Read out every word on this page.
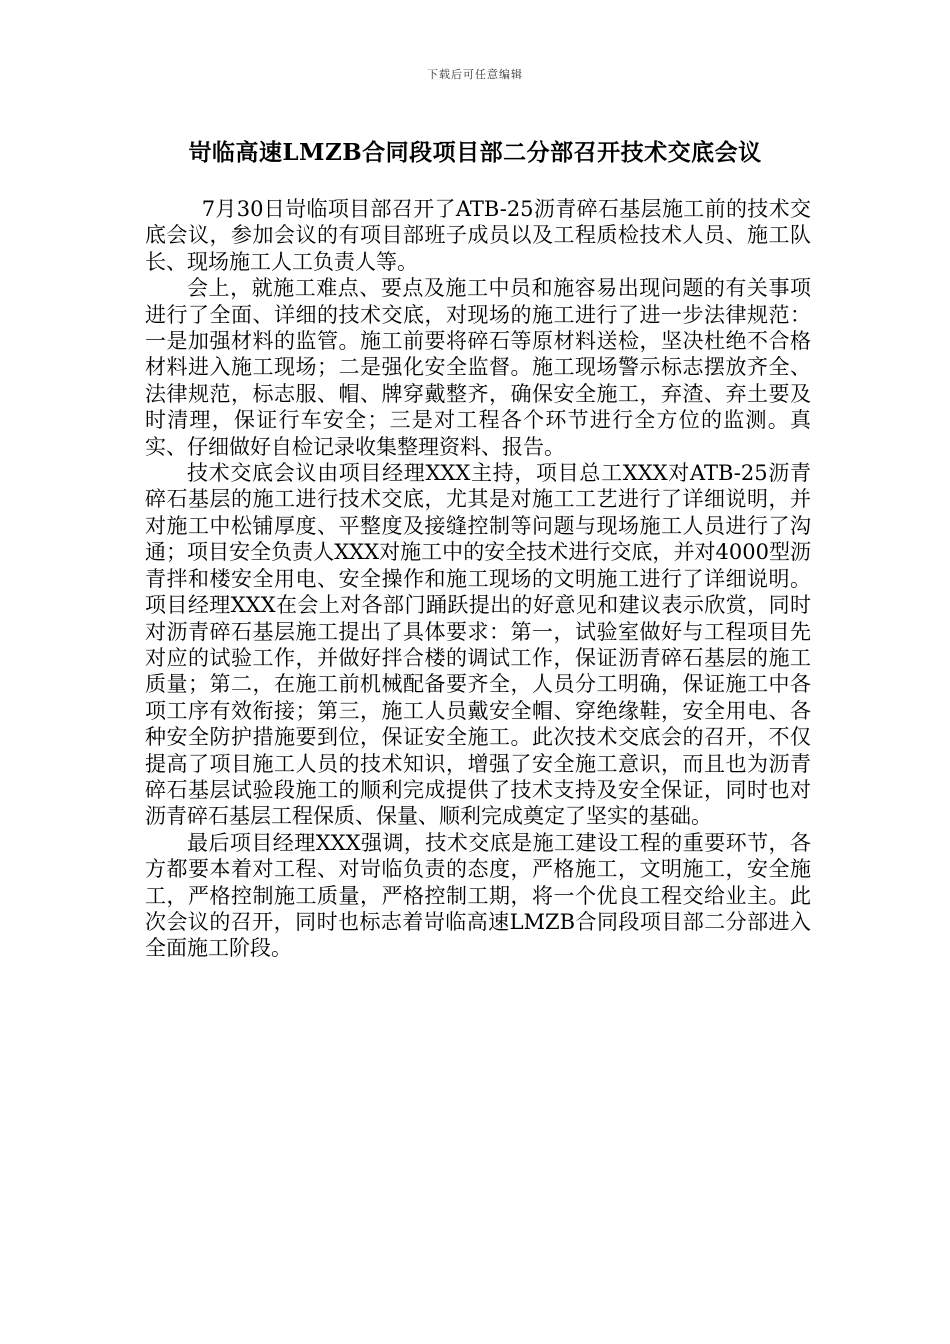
下载后可任意编辑
岢临高速LMZB合同段项目部二分部召开技术交底会议

7月30日岢临项目部召开了ATB-25沥青碎石基层施工前的技术交底会议，参加会议的有项目部班子成员以及工程质检技术人员、施工队长、现场施工人工负责人等。

会上，就施工难点、要点及施工中员和施容易出现问题的有关事项进行了全面、详细的技术交底，对现场的施工进行了进一步法律规范：一是加强材料的监管。施工前要将碎石等原材料送检，坚决杜绝不合格材料进入施工现场；二是强化安全监督。施工现场警示标志摆放齐全、法律规范，标志服、帽、牌穿戴整齐，确保安全施工，弃渣、弃土要及时清理，保证行车安全；三是对工程各个环节进行全方位的监测。真实、仔细做好自检记录收集整理资料、报告。

技术交底会议由项目经理XXX主持，项目总工XXX对ATB-25沥青碎石基层的施工进行技术交底，尤其是对施工工艺进行了详细说明，并对施工中松铺厚度、平整度及接缝控制等问题与现场施工人员进行了沟通；项目安全负责人XXX对施工中的安全技术进行交底，并对4000型沥青拌和楼安全用电、安全操作和施工现场的文明施工进行了详细说明。项目经理XXX在会上对各部门踊跃提出的好意见和建议表示欣赏，同时对沥青碎石基层施工提出了具体要求：第一，试验室做好与工程项目先对应的试验工作，并做好拌合楼的调试工作，保证沥青碎石基层的施工质量；第二，在施工前机械配备要齐全，人员分工明确，保证施工中各项工序有效衔接；第三，施工人员戴安全帽、穿绝缘鞋，安全用电、各种安全防护措施要到位，保证安全施工。此次技术交底会的召开，不仅提高了项目施工人员的技术知识，增强了安全施工意识，而且也为沥青碎石基层试验段施工的顺利完成提供了技术支持及安全保证，同时也对沥青碎石基层工程保质、保量、顺利完成奠定了坚实的基础。

最后项目经理XXX强调，技术交底是施工建设工程的重要环节，各方都要本着对工程、对岢临负责的态度，严格施工，文明施工，安全施工，严格控制施工质量，严格控制工期，将一个优良工程交给业主。此次会议的召开，同时也标志着岢临高速LMZB合同段项目部二分部进入全面施工阶段。
